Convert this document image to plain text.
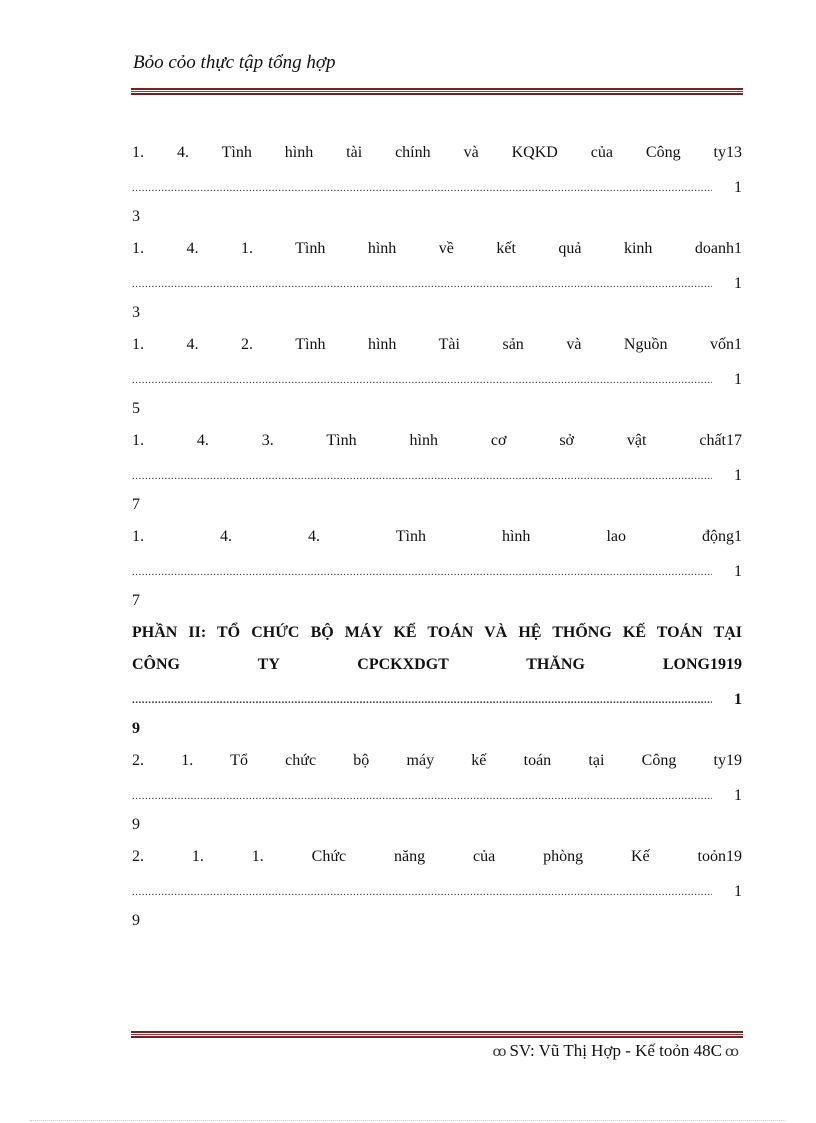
Bỏo cỏo thực tập tổng hợp
1. 4. Tình hình tài chính và KQKD của Công ty13
.....
1
3
1. 4. 1. Tình hình về kết quả kinh doanh1
.....
1
3
1. 4. 2. Tình hình Tài sản và Nguồn vốn1
.....
1
5
1. 4. 3. Tình hình cơ sở vật chất17
.....
1
7
1. 4. 4. Tình hình lao động1
.....
1
7
PHẦN II: TỔ CHỨC BỘ MÁY KẾ TOÁN VÀ HỆ THỐNG KẾ TOÁN TẠI
CÔNG TY CPCKXDGT THĂNG LONG1919
.....
1
9
2. 1. Tổ chức bộ máy kế toán tại Công ty19
.....
1
9
2. 1. 1. Chức năng của phòng Kế toỏn19
.....
1
9
ꝏ SV: Vũ Thị Hợp - Kế toỏn 48C ꝏ
